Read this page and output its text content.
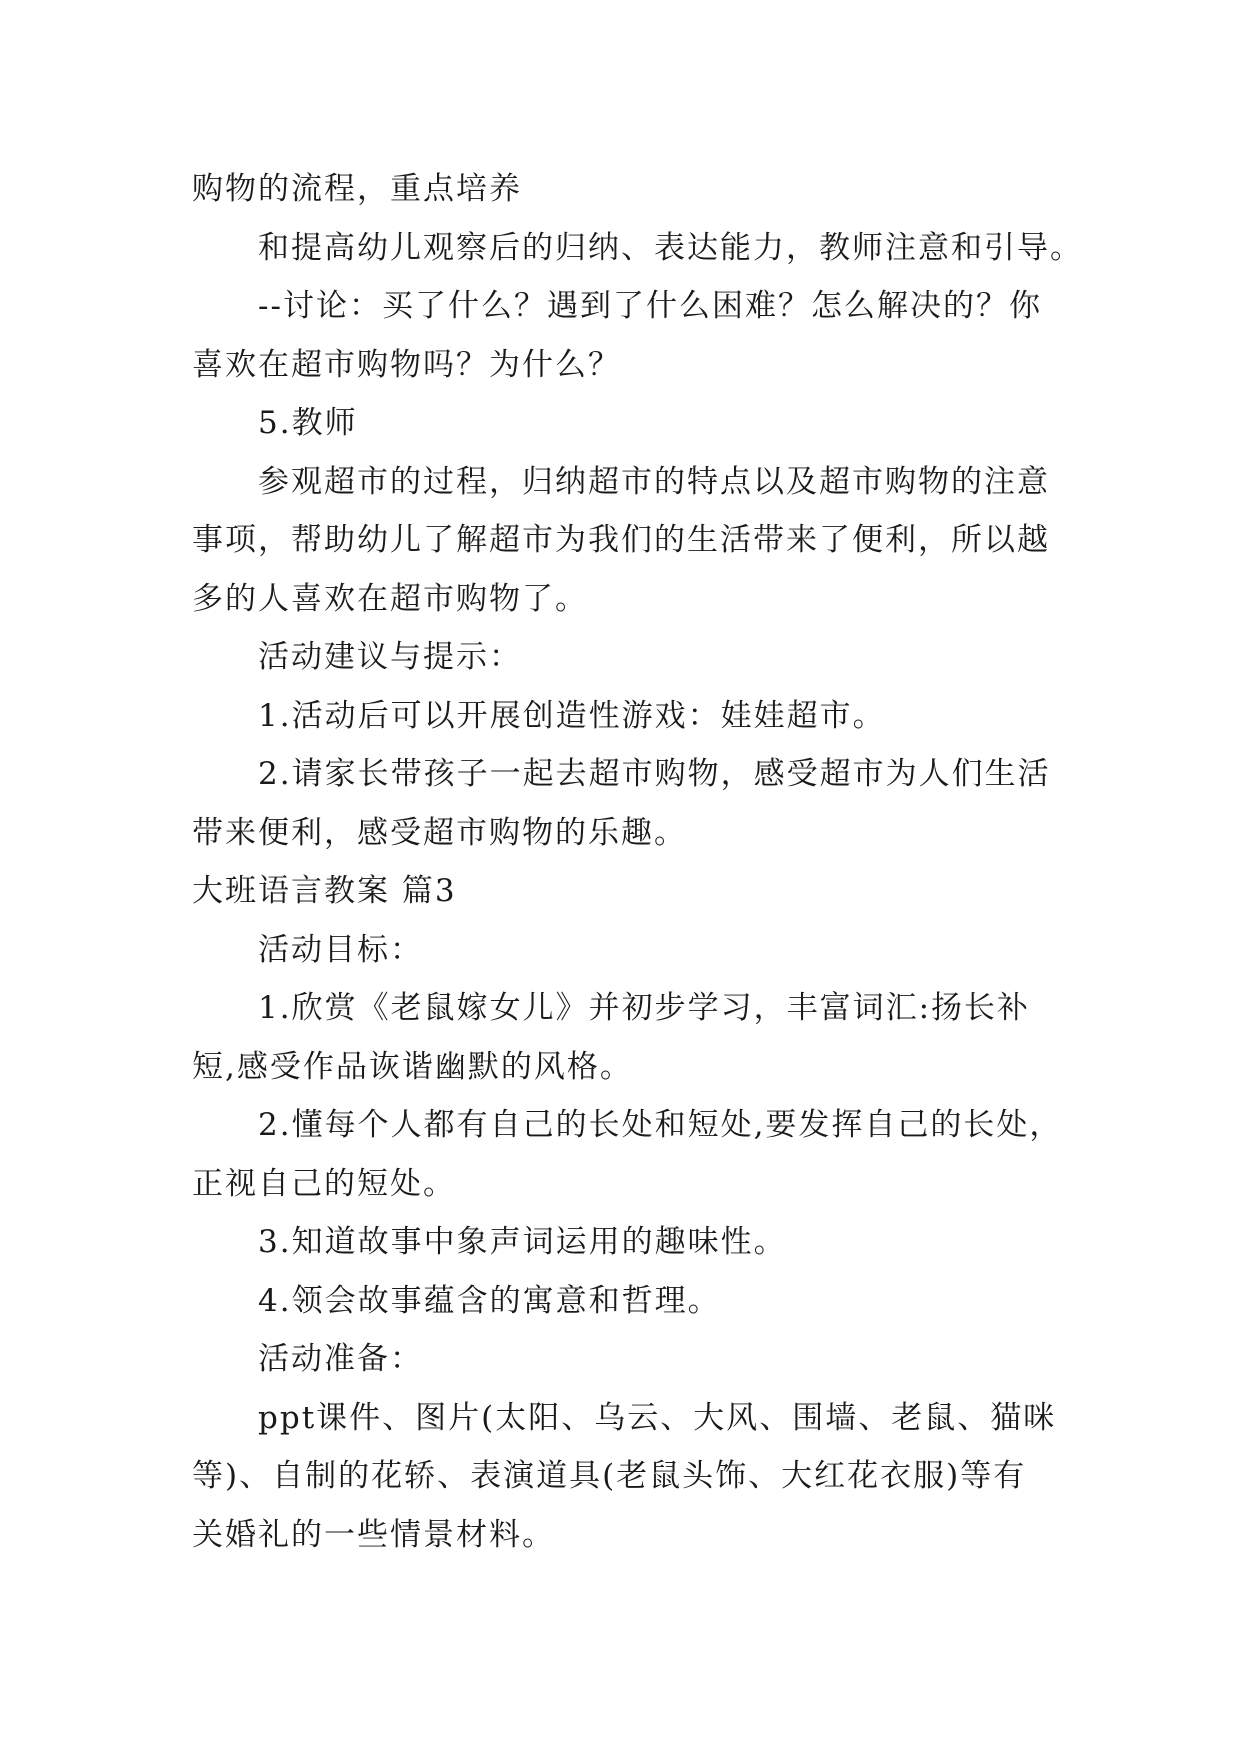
购物的流程，重点培养
和提高幼儿观察后的归纳、表达能力，教师注意和引导。
--讨论：买了什么？遇到了什么困难？怎么解决的？你
喜欢在超市购物吗？为什么？
5.教师
参观超市的过程，归纳超市的特点以及超市购物的注意
事项，帮助幼儿了解超市为我们的生活带来了便利，所以越
多的人喜欢在超市购物了。
活动建议与提示：
1.活动后可以开展创造性游戏：娃娃超市。
2.请家长带孩子一起去超市购物，感受超市为人们生活
带来便利，感受超市购物的乐趣。
大班语言教案 篇3
活动目标：
1.欣赏《老鼠嫁女儿》并初步学习，丰富词汇:扬长补
短,感受作品诙谐幽默的风格。
2.懂每个人都有自己的长处和短处,要发挥自己的长处，
正视自己的短处。
3.知道故事中象声词运用的趣味性。
4.领会故事蕴含的寓意和哲理。
活动准备：
ppt课件、图片(太阳、乌云、大风、围墙、老鼠、猫咪
等)、自制的花轿、表演道具(老鼠头饰、大红花衣服)等有
关婚礼的一些情景材料。
